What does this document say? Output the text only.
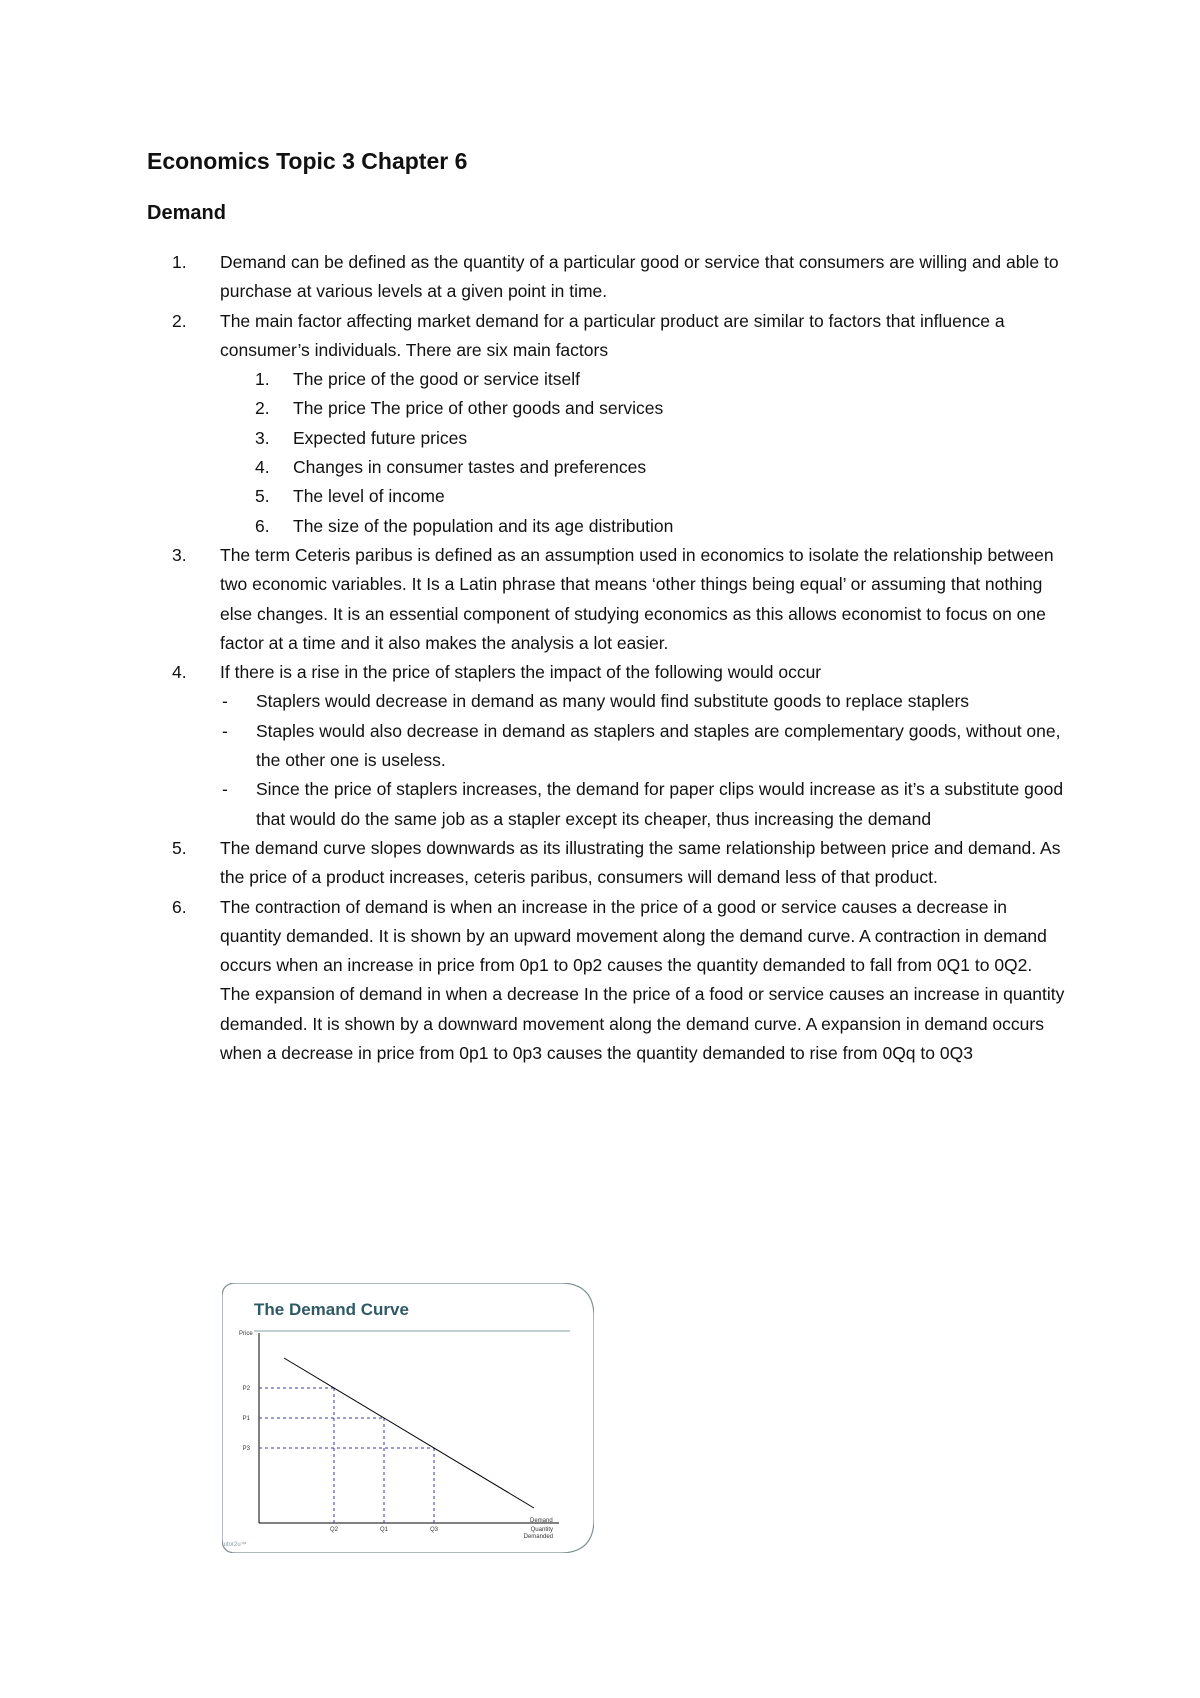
Economics Topic 3 Chapter 6
Demand
1. Demand can be defined as the quantity of a particular good or service that consumers are willing and able to purchase at various levels at a given point in time.

2. The main factor affecting market demand for a particular product are similar to factors that influence a consumer’s individuals. There are six main factors

1. The price of the good or service itself
2. The price The price of other goods and services
3. Expected future prices
4. Changes in consumer tastes and preferences
5. The level of income
6. The size of the population and its age distribution
3. The term Ceteris paribus is defined as an assumption used in economics to isolate the relationship between two economic variables. It Is a Latin phrase that means ‘other things being equal’ or assuming that nothing else changes. It is an essential component of studying economics as this allows economist to focus on one factor at a time and it also makes the analysis a lot easier.

4. If there is a rise in the price of staplers the impact of the following would occur

- Staplers would decrease in demand as many would find substitute goods to replace staplers

- Staples would also decrease in demand as staplers and staples are complementary goods, without one, the other one is useless.

- Since the price of staplers increases, the demand for paper clips would increase as it’s a substitute good that would do the same job as a stapler except its cheaper, thus increasing the demand

5. The demand curve slopes downwards as its illustrating the same relationship between price and demand. As the price of a product increases, ceteris paribus, consumers will demand less of that product.

6. The contraction of demand is when an increase in the price of a good or service causes a decrease in quantity demanded. It is shown by an upward movement along the demand curve. A contraction in demand occurs when an increase in price from 0p1 to 0p2 causes the quantity demanded to fall from 0Q1 to 0Q2.

The expansion of demand in when a decrease In the price of a food or service causes an increase in quantity demanded. It is shown by a downward movement along the demand curve. A expansion in demand occurs when a decrease in price from 0p1 to 0p3 causes the quantity demanded to rise from 0Qq to 0Q3

The Demand Curve
Price
Quantity
Demanded
P2
Q2
P1
Q1
P3
Q3
Demand
tutor2u™
